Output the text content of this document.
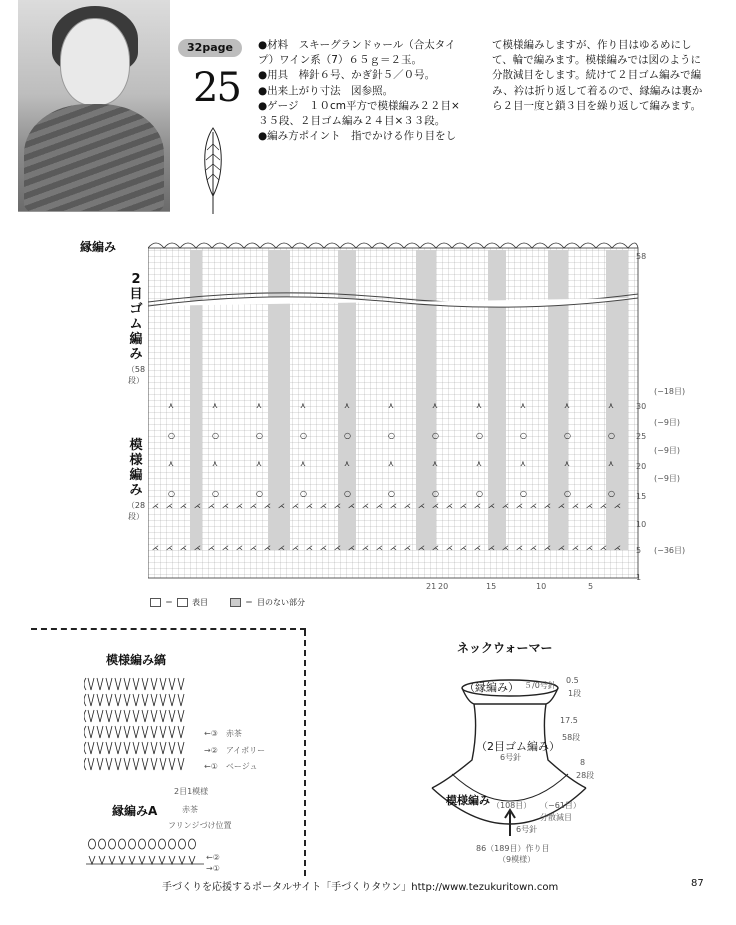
32page
25

●材料　スキーグランドゥール（合太タイプ）ワイン系（7）６５ｇ＝２玉。

●用具　棒針６号、かぎ針５／０号。

●出来上がり寸法　図参照。

●ゲージ　１０cm平方で模様編み２２目×３５段、２目ゴム編み２４目×３３段。

●編み方ポイント　指でかける作り目をし

て模様編みしますが、作り目はゆるめにして、輪で編みます。模様編みでは図のように分散減目をします。続けて２目ゴム編みで編み、衿は折り返して着るので、縁編みは裏から２目一度と鎖３目を繰り返して編みます。
縁編み
2目ゴム編み
（58段）
模様編み
（28段）
⋏	⋏	⋏	⋏	⋏	⋏	⋏	⋏	⋏	⋏	⋏
○	○	○	○	○	○	○	○	○	○	○
⋏	⋏	⋏	⋏	⋏	⋏	⋏	⋏	⋏	⋏	⋏
○	○	○	○	○	○	○	○	○	○	○
⋌ ⋌ ⋌ ⋌ ⋌ ⋌ ⋌ ⋌ ⋌ ⋌ ⋌ ⋌ ⋌ ⋌ ⋌ ⋌ ⋌ ⋌ ⋌ ⋌ ⋌ ⋌ ⋌ ⋌ ⋌ ⋌ ⋌ ⋌ ⋌ ⋌ ⋌ ⋌ ⋌ ⋌
⋌ ⋌ ⋌ ⋌ ⋌ ⋌ ⋌ ⋌ ⋌ ⋌ ⋌ ⋌ ⋌ ⋌ ⋌ ⋌ ⋌ ⋌ ⋌ ⋌ ⋌ ⋌ ⋌ ⋌ ⋌ ⋌ ⋌ ⋌ ⋌ ⋌ ⋌ ⋌ ⋌ ⋌
58
30
25
20
15
10
5
1
(−18目)
(−9目)
(−9目)
(−9目)
(−36目)
21 20	15	10	5
＝ 表目	＝ 目のない部分
模様編み縞
←③　赤茶
→②　アイボリー
←①　ベージュ
2目1模様
縁編みA	赤茶
フリンジづけ位置
←②
→①
ネックウォーマー
（縁編み） ５/0号針
0.5
1段
（2目ゴム編み）
6号針
17.5
58段
模様編み
8
28段
（108目） （−61目）
分散減目
6号針
86（189目）作り目
（9模様）
手づくりを応援するポータルサイト「手づくりタウン」http://www.tezukuritown.com	87
